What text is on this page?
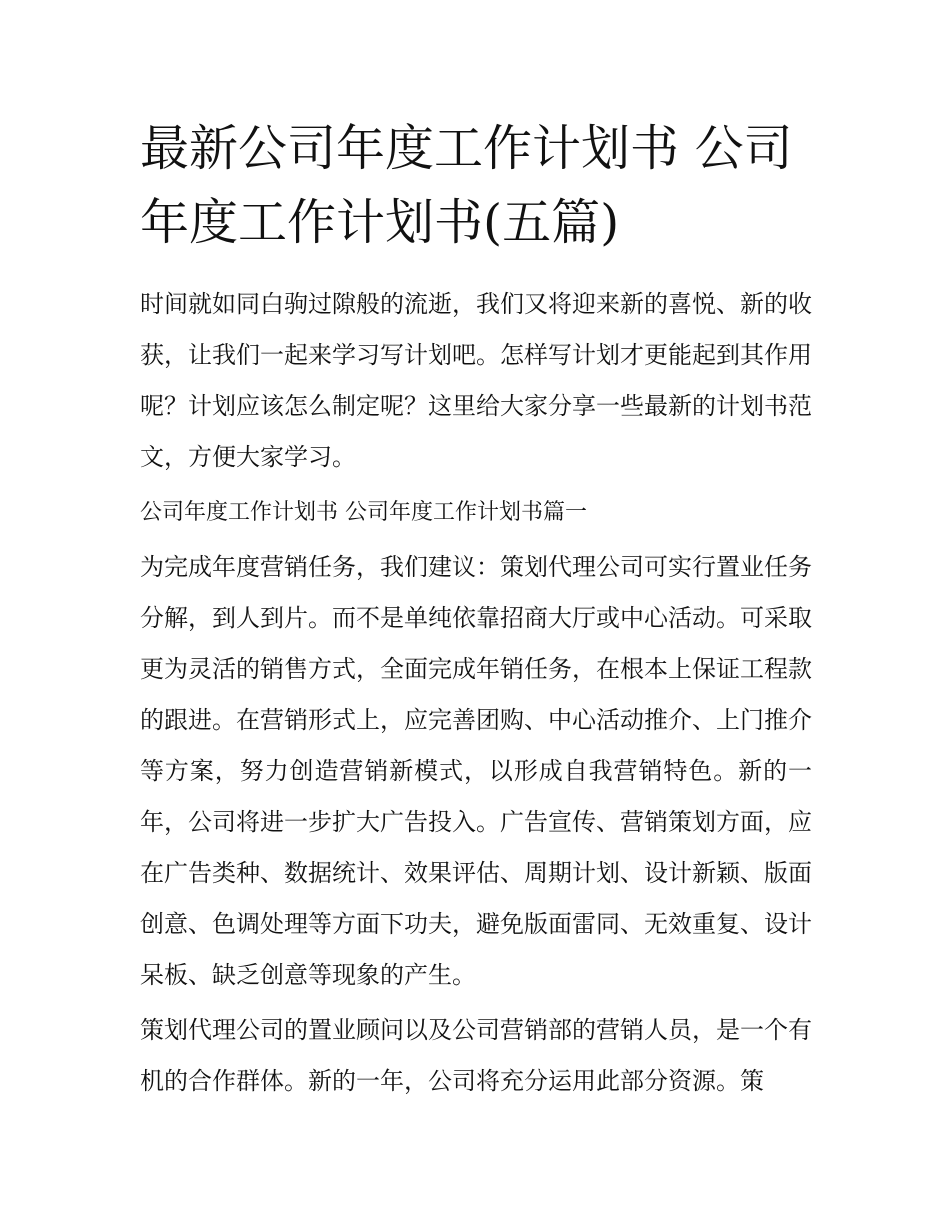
最新公司年度工作计划书 公司年度工作计划书(五篇)

时间就如同白驹过隙般的流逝，我们又将迎来新的喜悦、新的收获，让我们一起来学习写计划吧。怎样写计划才更能起到其作用呢？计划应该怎么制定呢？这里给大家分享一些最新的计划书范文，方便大家学习。

公司年度工作计划书 公司年度工作计划书篇一

为完成年度营销任务，我们建议：策划代理公司可实行置业任务分解，到人到片。而不是单纯依靠招商大厅或中心活动。可采取更为灵活的销售方式，全面完成年销任务，在根本上保证工程款的跟进。在营销形式上，应完善团购、中心活动推介、上门推介等方案，努力创造营销新模式，以形成自我营销特色。新的一年，公司将进一步扩大广告投入。广告宣传、营销策划方面，应在广告类种、数据统计、效果评估、周期计划、设计新颖、版面创意、色调处理等方面下功夫，避免版面雷同、无效重复、设计呆板、缺乏创意等现象的产生。

策划代理公司的置业顾问以及公司营销部的营销人员，是一个有机的合作群体。新的一年，公司将充分运用此部分资源。策
